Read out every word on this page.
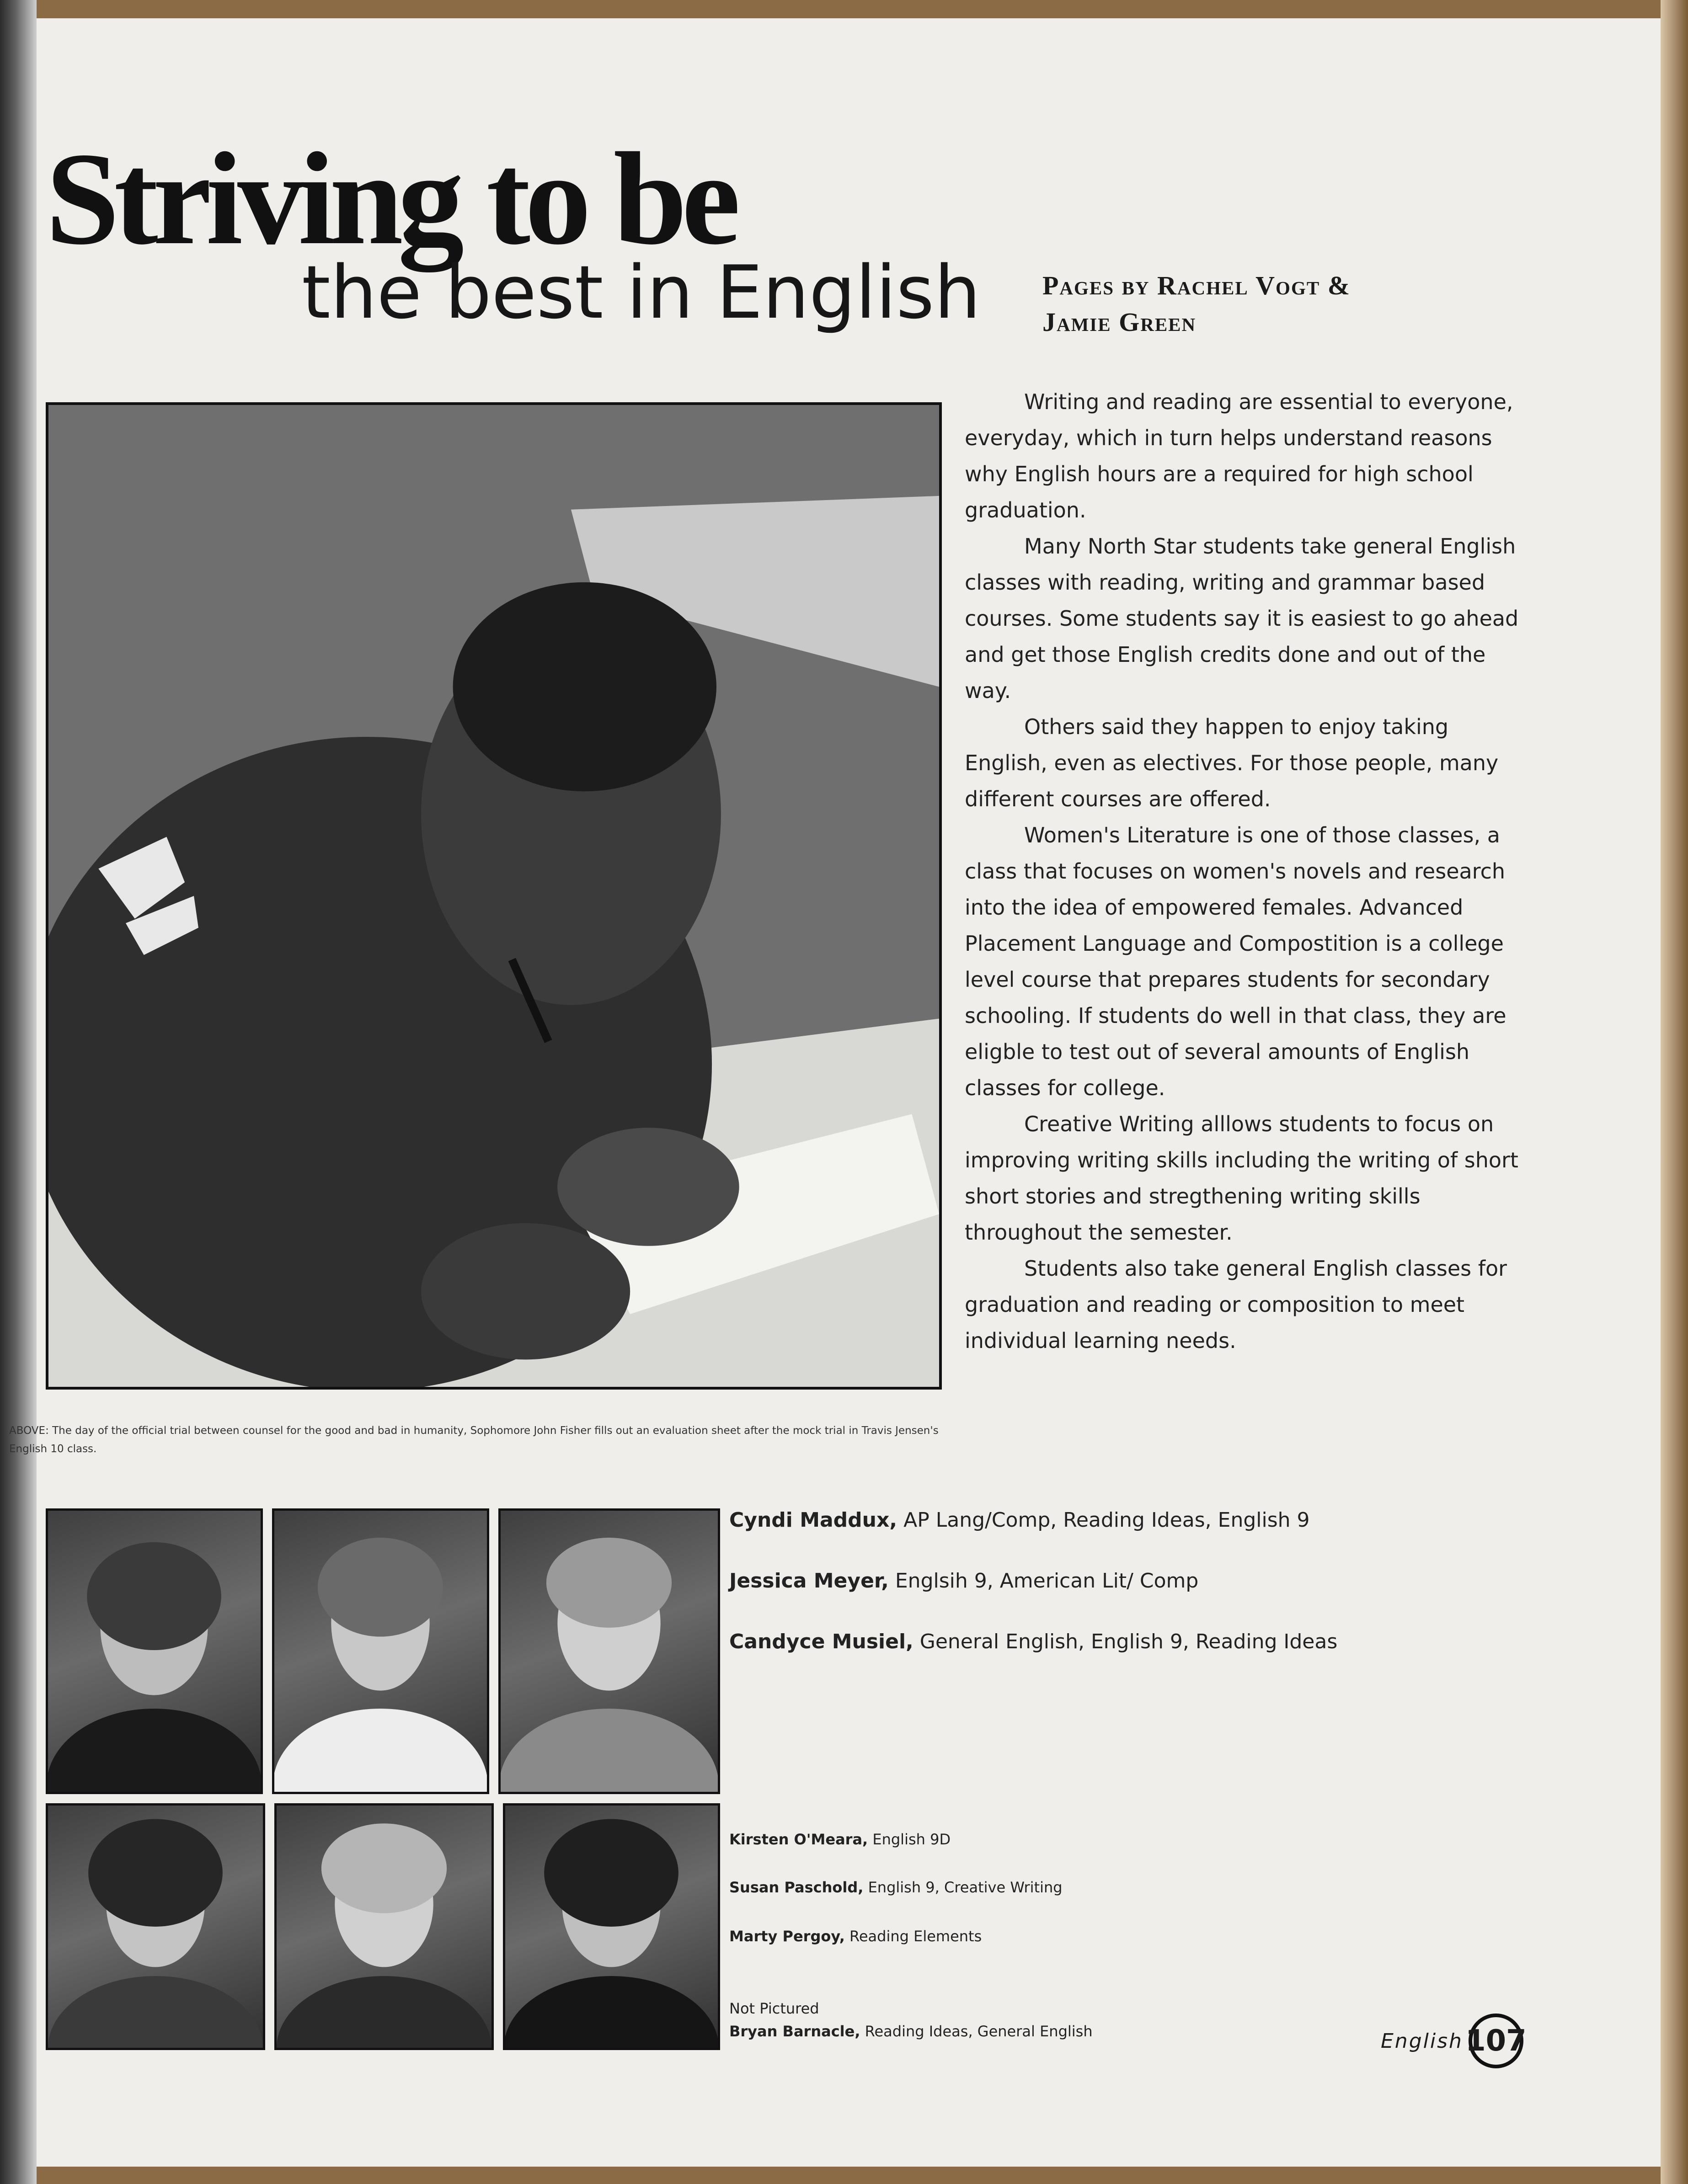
Striving to be
the best in English Pages by Rachel Vogt &
Jamie Green

Writing and reading are essential to everyone, everyday, which in turn helps understand reasons why English hours are a required for high school graduation.

Many North Star students take general English classes with reading, writing and grammar based courses. Some students say it is easiest to go ahead and get those English credits done and out of the way.

Others said they happen to enjoy taking English, even as electives. For those people, many different courses are offered.

Women's Literature is one of those classes, a class that focuses on women's novels and research into the idea of empowered females. Advanced Placement Language and Compostition is a college level course that prepares students for secondary schooling. If students do well in that class, they are eligble to test out of several amounts of English classes for college.

Creative Writing alllows students to focus on improving writing skills including the writing of short short stories and stregthening writing skills throughout the semester.

Students also take general English classes for graduation and reading or composition to meet individual learning needs.

ABOVE: The day of the official trial between counsel for the good and bad in humanity, Sophomore John Fisher fills out an evaluation sheet after the mock trial in Travis Jensen's English 10 class.
Cyndi Maddux, AP Lang/Comp, Reading Ideas, English 9
Jessica Meyer, Englsih 9, American Lit/ Comp
Candyce Musiel, General English, English 9, Reading Ideas
Kirsten O'Meara, English 9D
Susan Paschold, English 9, Creative Writing
Marty Pergoy, Reading Elements
Not Pictured
Bryan Barnacle, Reading Ideas, General English	English 107
